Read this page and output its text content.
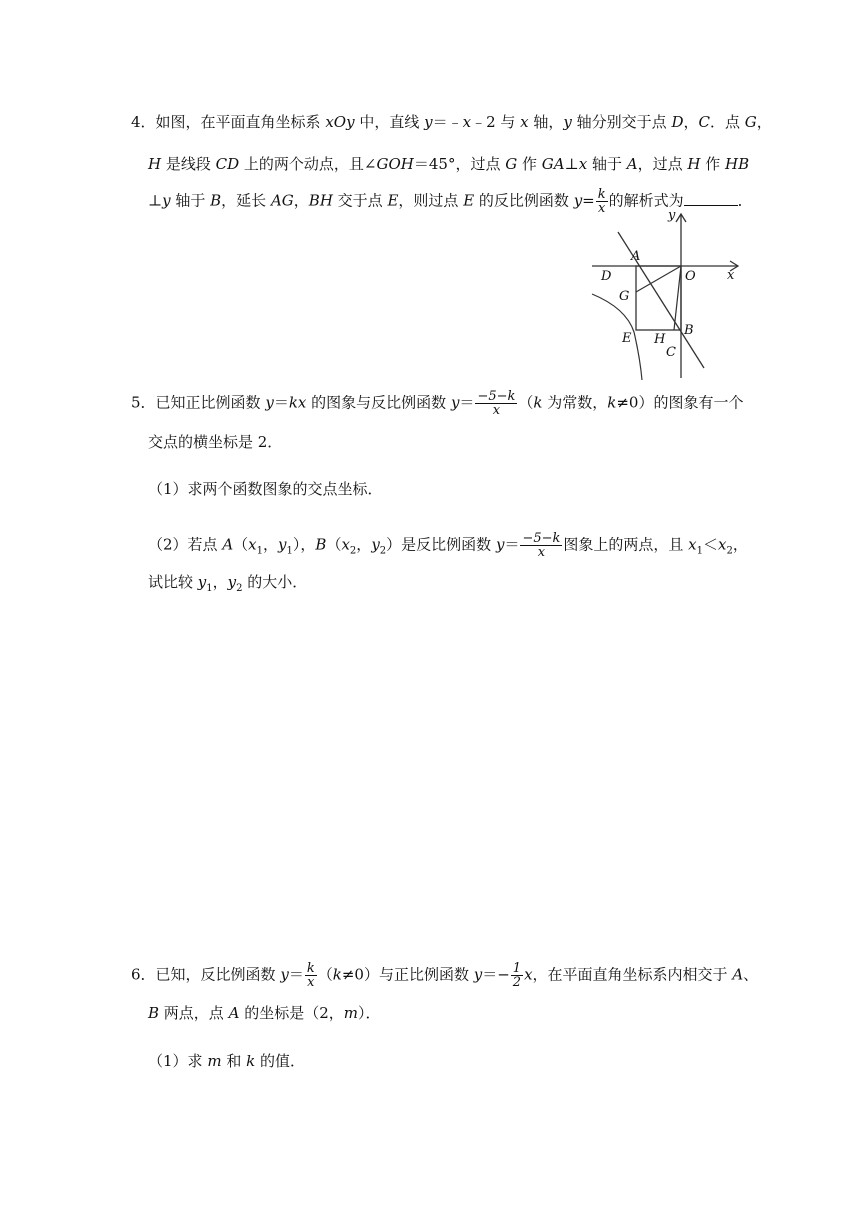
4．如图，在平面直角坐标系 xOy 中，直线 y＝﹣x﹣2 与 x 轴，y 轴分别交于点 D，C．点 G，
H 是线段 CD 上的两个动点，且∠GOH＝45°，过点 G 作 GA⊥x 轴于 A，过点 H 作 HB
⊥y 轴于 B，延长 AG，BH 交于点 E，则过点 E 的反比例函数 $y= \frac{k}{x}$ 的解析式为	．
A
D	O x
y
G
E H
B
C
5．已知正比例函数 y＝kx 的图象与反比例函数 $y= \frac{-5-k}{x} (k$ 为常数，k≠0）的图象有一个
交点的横坐标是 2．
（1）求两个函数图象的交点坐标．
（2）若点 $A(x_1$，$y_1$），$B(x_2$，$y_2$）是反比例函数 $y= \frac{-5-k}{x}$ 图象上的两点，且 $x_1<x_2$，
试比较 $y_1$，$y_2$ 的大小．
6．已知，反比例函数 $y= \frac{k}{x} (k\ne 0)$与正比例函数 $y=- \frac{1}{2}$ x，在平面直角坐标系内相交于 A、
B 两点，点 A 的坐标是（2，m）．
（1）求 m 和 k 的值．
